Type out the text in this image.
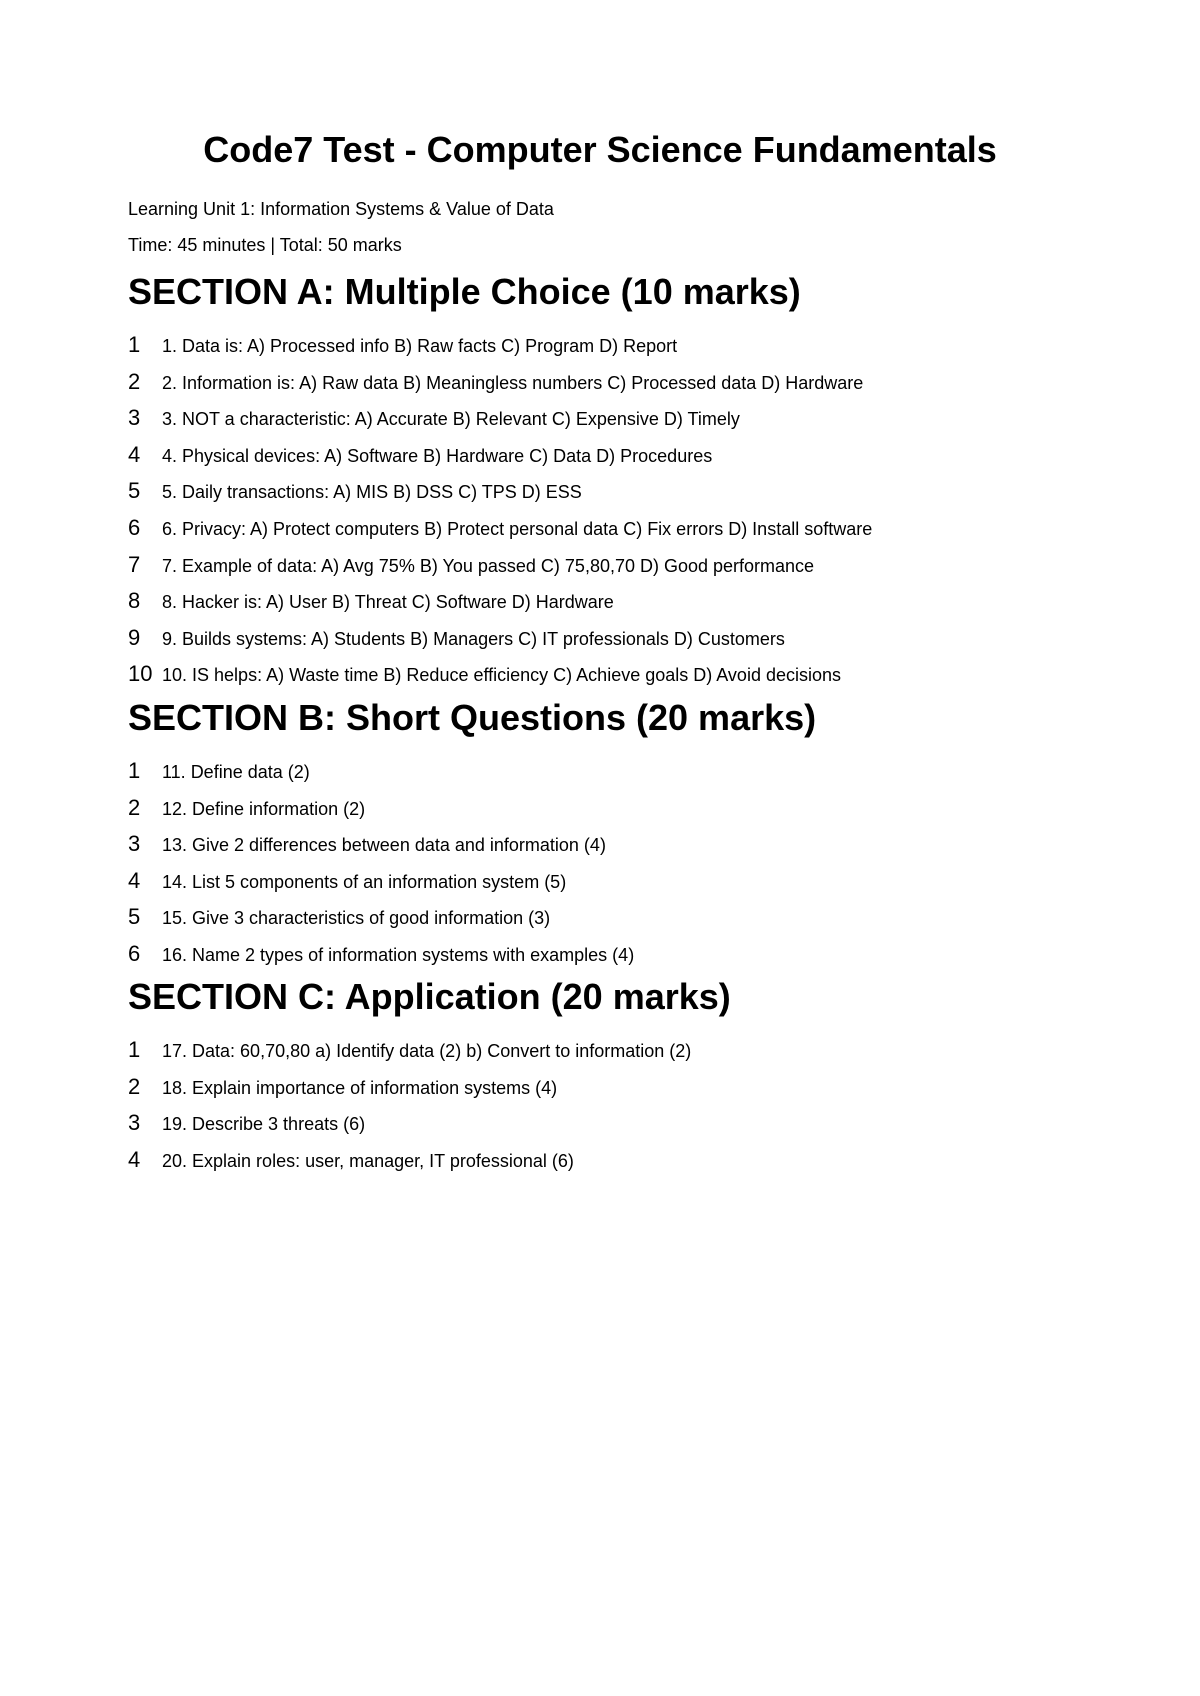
Code7 Test - Computer Science Fundamentals

Learning Unit 1: Information Systems & Value of Data

Time: 45 minutes | Total: 50 marks

SECTION A: Multiple Choice (10 marks)
1	1. Data is: A) Processed info B) Raw facts C) Program D) Report
2	2. Information is: A) Raw data B) Meaningless numbers C) Processed data D) Hardware
3	3. NOT a characteristic: A) Accurate B) Relevant C) Expensive D) Timely
4	4. Physical devices: A) Software B) Hardware C) Data D) Procedures
5	5. Daily transactions: A) MIS B) DSS C) TPS D) ESS
6	6. Privacy: A) Protect computers B) Protect personal data C) Fix errors D) Install software
7	7. Example of data: A) Avg 75% B) You passed C) 75,80,70 D) Good performance
8	8. Hacker is: A) User B) Threat C) Software D) Hardware
9	9. Builds systems: A) Students B) Managers C) IT professionals D) Customers
10 10. IS helps: A) Waste time B) Reduce efficiency C) Achieve goals D) Avoid decisions
SECTION B: Short Questions (20 marks)
1	11. Define data (2)
2	12. Define information (2)
3	13. Give 2 differences between data and information (4)
4	14. List 5 components of an information system (5)
5	15. Give 3 characteristics of good information (3)
6	16. Name 2 types of information systems with examples (4)
SECTION C: Application (20 marks)
1	17. Data: 60,70,80 a) Identify data (2) b) Convert to information (2)
2	18. Explain importance of information systems (4)
3	19. Describe 3 threats (6)
4	20. Explain roles: user, manager, IT professional (6)
